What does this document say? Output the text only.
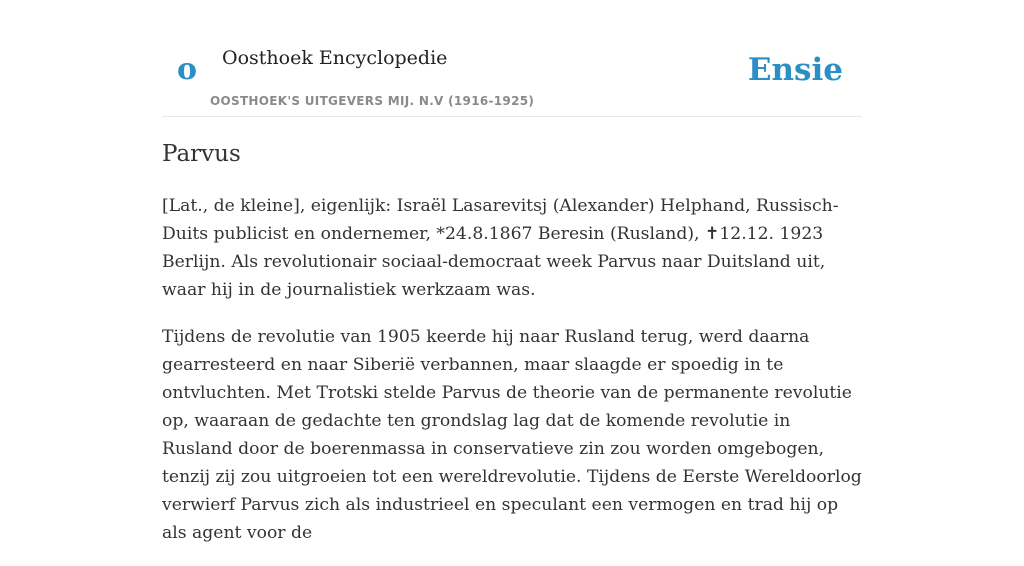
o Oosthoek Encyclopedie
OOSTHOEK'S UITGEVERS MIJ. N.V (1916-1925)
Ensie
Parvus

[Lat., de kleine], eigenlijk: Israël Lasarevitsj (Alexander) Helphand, Russisch-Duits publicist en ondernemer, *24.8.1867 Beresin (Rusland), ✝12.12. 1923 Berlijn. Als revolutionair sociaal-democraat week Parvus naar Duitsland uit, waar hij in de journalistiek werkzaam was.

Tijdens de revolutie van 1905 keerde hij naar Rusland terug, werd daarna gearresteerd en naar Siberië verbannen, maar slaagde er spoedig in te ontvluchten. Met Trotski stelde Parvus de theorie van de permanente revolutie op, waaraan de gedachte ten grondslag lag dat de komende revolutie in Rusland door de boerenmassa in conservatieve zin zou worden omgebogen, tenzij zij zou uitgroeien tot een wereldrevolutie. Tijdens de Eerste Wereldoorlog verwierf Parvus zich als industrieel en speculant een vermogen en trad hij op als agent voor de
